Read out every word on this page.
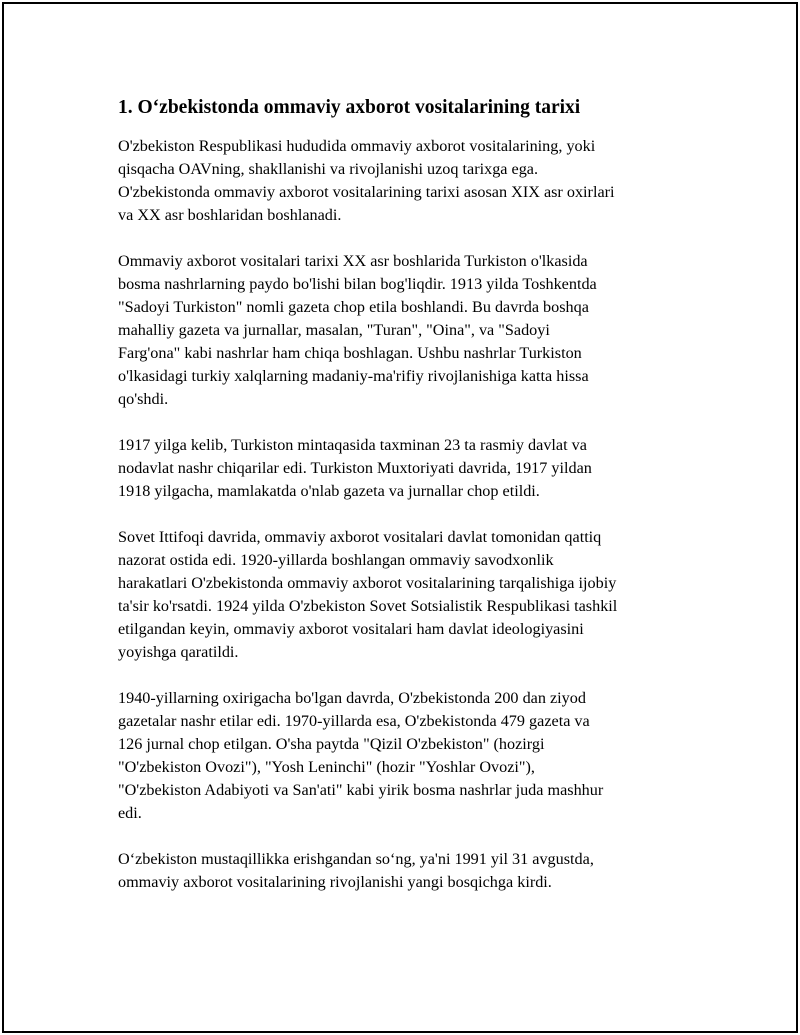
1. O‘zbekistonda ommaviy axborot vositalarining tarixi

O'zbekiston Respublikasi hududida ommaviy axborot vositalarining, yoki
qisqacha OAVning, shakllanishi va rivojlanishi uzoq tarixga ega.
O'zbekistonda ommaviy axborot vositalarining tarixi asosan XIX asr oxirlari
va XX asr boshlaridan boshlanadi.

Ommaviy axborot vositalari tarixi XX asr boshlarida Turkiston o'lkasida
bosma nashrlarning paydo bo'lishi bilan bog'liqdir. 1913 yilda Toshkentda
"Sadoyi Turkiston" nomli gazeta chop etila boshlandi. Bu davrda boshqa
mahalliy gazeta va jurnallar, masalan, "Turan", "Oina", va "Sadoyi
Farg'ona" kabi nashrlar ham chiqa boshlagan. Ushbu nashrlar Turkiston
o'lkasidagi turkiy xalqlarning madaniy-ma'rifiy rivojlanishiga katta hissa
qo'shdi.

1917 yilga kelib, Turkiston mintaqasida taxminan 23 ta rasmiy davlat va
nodavlat nashr chiqarilar edi. Turkiston Muxtoriyati davrida, 1917 yildan
1918 yilgacha, mamlakatda o'nlab gazeta va jurnallar chop etildi.

Sovet Ittifoqi davrida, ommaviy axborot vositalari davlat tomonidan qattiq
nazorat ostida edi. 1920-yillarda boshlangan ommaviy savodxonlik
harakatlari O'zbekistonda ommaviy axborot vositalarining tarqalishiga ijobiy
ta'sir ko'rsatdi. 1924 yilda O'zbekiston Sovet Sotsialistik Respublikasi tashkil
etilgandan keyin, ommaviy axborot vositalari ham davlat ideologiyasini
yoyishga qaratildi.

1940-yillarning oxirigacha bo'lgan davrda, O'zbekistonda 200 dan ziyod
gazetalar nashr etilar edi. 1970-yillarda esa, O'zbekistonda 479 gazeta va
126 jurnal chop etilgan. O'sha paytda "Qizil O'zbekiston" (hozirgi
"O'zbekiston Ovozi"), "Yosh Leninchi" (hozir "Yoshlar Ovozi"),
"O'zbekiston Adabiyoti va San'ati" kabi yirik bosma nashrlar juda mashhur
edi.

O‘zbekiston mustaqillikka erishgandan so‘ng, ya'ni 1991 yil 31 avgustda,
ommaviy axborot vositalarining rivojlanishi yangi bosqichga kirdi.
